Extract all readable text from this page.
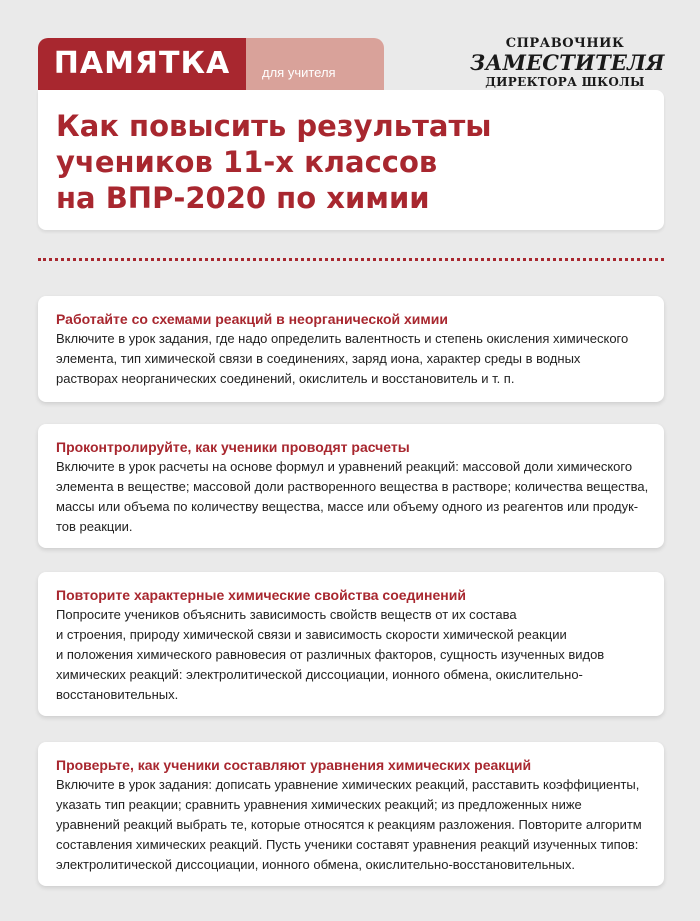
ПАМЯТКА	для учителя
СПРАВОЧНИК
ЗАМЕСТИТЕЛЯ
ДИРЕКТОРА ШКОЛЫ
Как повысить результаты
учеников 11-х классов
на ВПР-2020 по химии
Работайте со схемами реакций в неорганической химии
Включите в урок задания, где надо определить валентность и степень окисления химического
элемента, тип химической связи в соединениях, заряд иона, характер среды в водных
растворах неорганических соединений, окислитель и восстановитель и т. п.
Проконтролируйте, как ученики проводят расчеты
Включите в урок расчеты на основе формул и уравнений реакций: массовой доли химического
элемента в веществе; массовой доли растворенного вещества в растворе; количества вещества,
массы или объема по количеству вещества, массе или объему одного из реагентов или продук-
тов реакции.
Повторите характерные химические свойства соединений
Попросите учеников объяснить зависимость свойств веществ от их состава
и строения, природу химической связи и зависимость скорости химической реакции
и положения химического равновесия от различных факторов, сущность изученных видов
химических реакций: электролитической диссоциации, ионного обмена, окислительно-
восстановительных.
Проверьте, как ученики составляют уравнения химических реакций
Включите в урок задания: дописать уравнение химических реакций, расставить коэффициенты,
указать тип реакции; сравнить уравнения химических реакций; из предложенных ниже
уравнений реакций выбрать те, которые относятся к реакциям разложения. Повторите алгоритм
составления химических реакций. Пусть ученики составят уравнения реакций изученных типов:
электролитической диссоциации, ионного обмена, окислительно-восстановительных.
